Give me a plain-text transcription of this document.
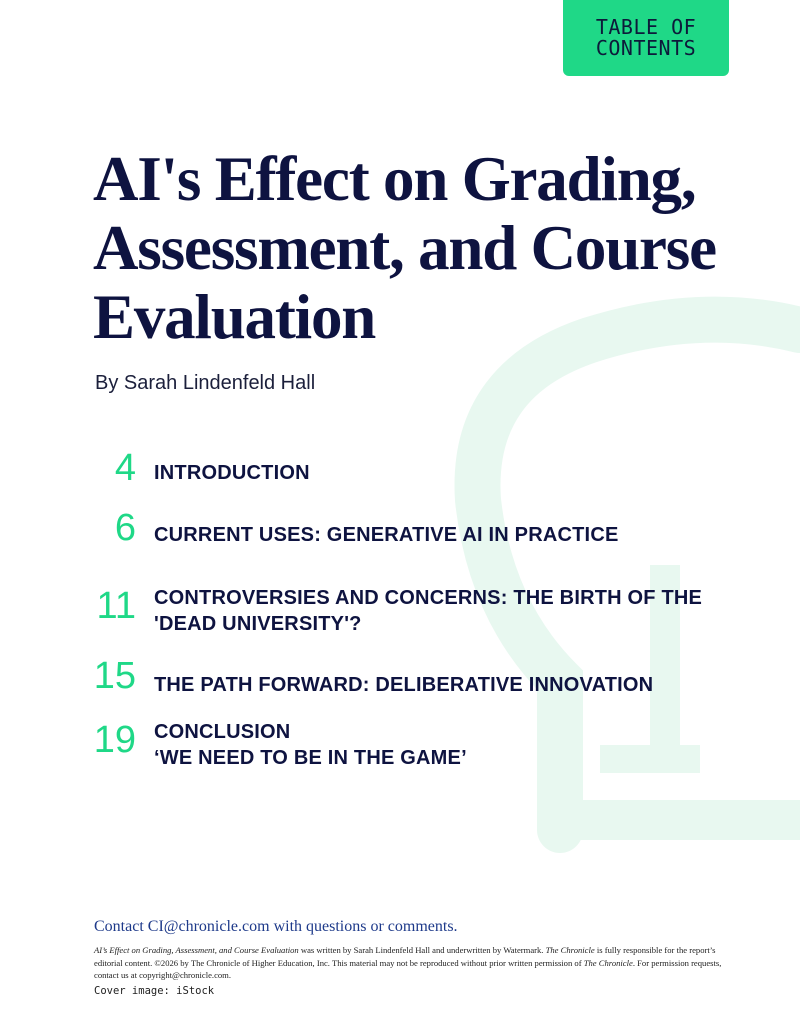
TABLE OF
CONTENTS
AI's Effect on Grading, Assessment, and Course Evaluation
By Sarah Lindenfeld Hall
4 INTRODUCTION
6 CURRENT USES: GENERATIVE AI IN PRACTICE
11 CONTROVERSIES AND CONCERNS: THE BIRTH OF THE 'DEAD UNIVERSITY'?
15 THE PATH FORWARD: DELIBERATIVE INNOVATION
19 CONCLUSION
‘WE NEED TO BE IN THE GAME’
Contact CI@chronicle.com with questions or comments.
AI’s Effect on Grading, Assessment, and Course Evaluation was written by Sarah Lindenfeld Hall and underwritten by Watermark. The Chronicle is fully responsible for the report’s editorial content. ©2026 by The Chronicle of Higher Education, Inc. This material may not be reproduced without prior written permission of The Chronicle. For permission requests, contact us at copyright@chronicle.com.
Cover image: iStock
